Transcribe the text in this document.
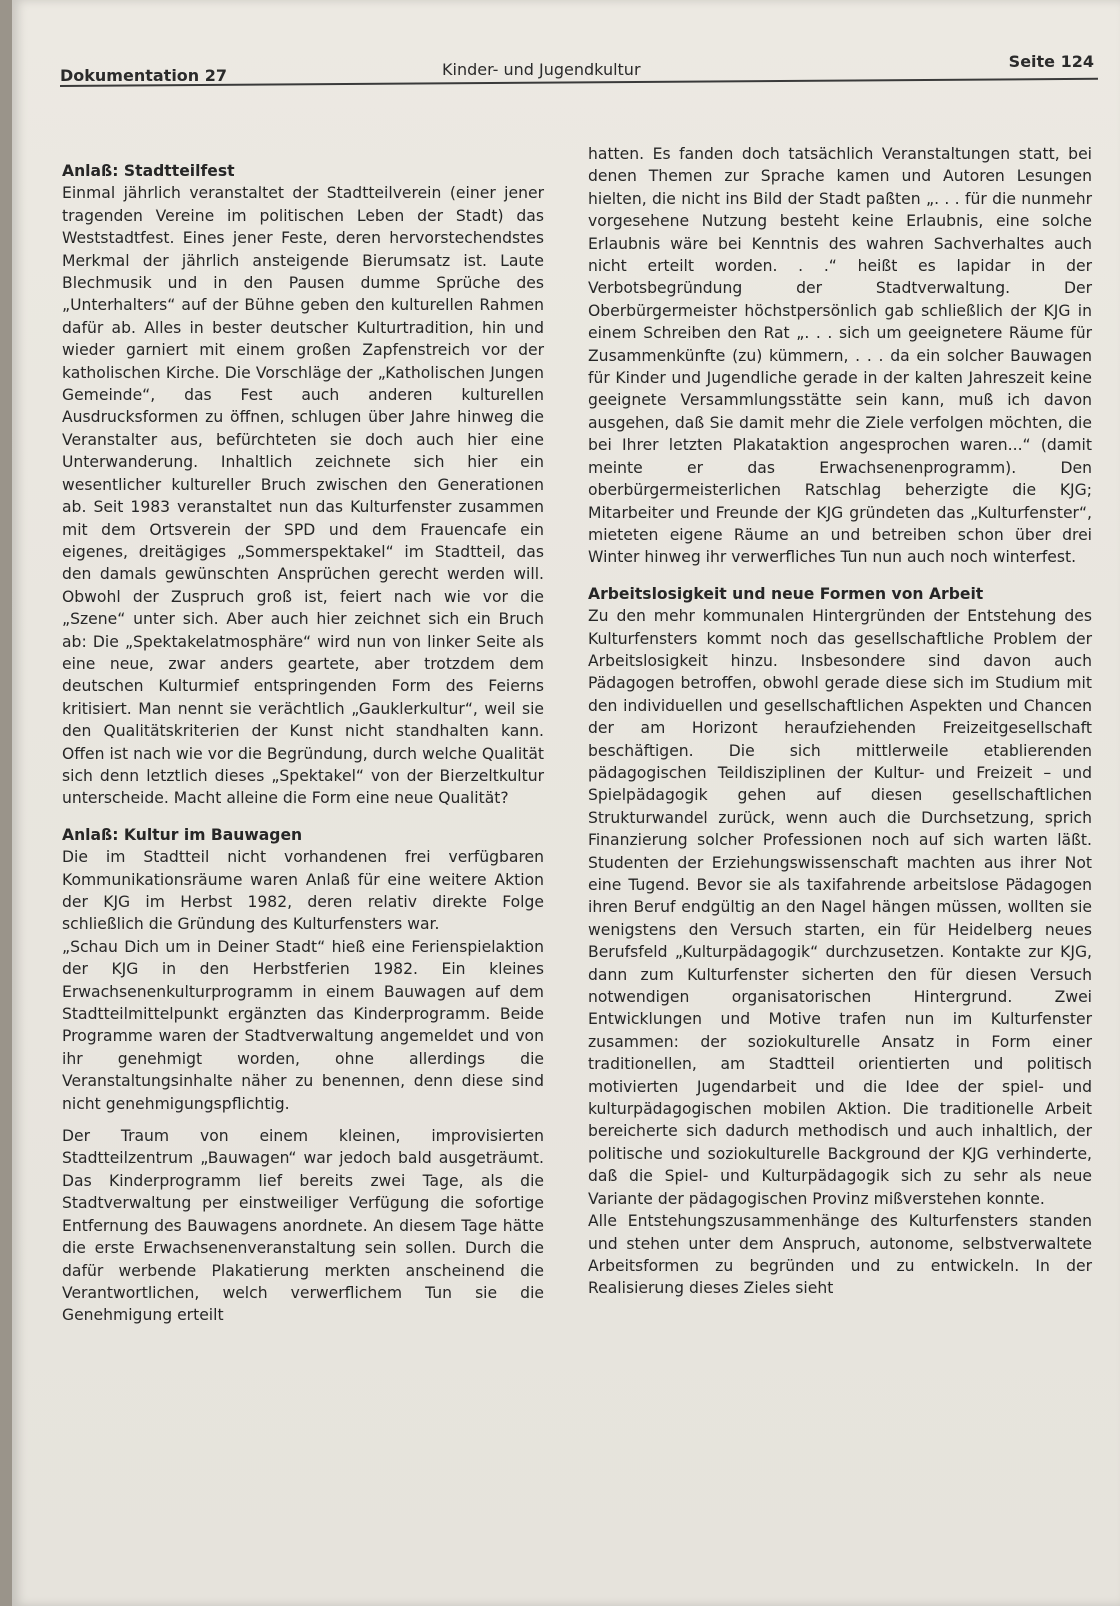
Dokumentation 27	Kinder- und Jugendkultur	Seite 124
Anlaß: Stadtteilfest

Einmal jährlich veranstaltet der Stadtteilverein (einer jener tragenden Vereine im politischen Leben der Stadt) das Weststadtfest. Eines jener Feste, deren hervorstechendstes Merkmal der jährlich ansteigende Bierumsatz ist. Laute Blechmusik und in den Pausen dumme Sprüche des „Unterhalters“ auf der Bühne geben den kulturellen Rahmen dafür ab. Alles in bester deutscher Kulturtradition, hin und wieder garniert mit einem großen Zapfenstreich vor der katholischen Kirche. Die Vorschläge der „Katholischen Jungen Gemeinde“, das Fest auch anderen kulturellen Ausdrucksformen zu öffnen, schlugen über Jahre hinweg die Veranstalter aus, befürchteten sie doch auch hier eine Unterwanderung. Inhaltlich zeichnete sich hier ein wesentlicher kultureller Bruch zwischen den Generationen ab. Seit 1983 veranstaltet nun das Kulturfenster zusammen mit dem Ortsverein der SPD und dem Frauencafe ein eigenes, dreitägiges „Sommerspektakel“ im Stadtteil, das den damals gewünschten Ansprüchen gerecht werden will. Obwohl der Zuspruch groß ist, feiert nach wie vor die „Szene“ unter sich. Aber auch hier zeichnet sich ein Bruch ab: Die „Spektakelatmosphäre“ wird nun von linker Seite als eine neue, zwar anders geartete, aber trotzdem dem deutschen Kulturmief entspringenden Form des Feierns kritisiert. Man nennt sie verächtlich „Gauklerkultur“, weil sie den Qualitätskriterien der Kunst nicht standhalten kann. Offen ist nach wie vor die Begründung, durch welche Qualität sich denn letztlich dieses „Spektakel“ von der Bierzeltkultur unterscheide. Macht alleine die Form eine neue Qualität?

Anlaß: Kultur im Bauwagen

Die im Stadtteil nicht vorhandenen frei verfügbaren Kommunikationsräume waren Anlaß für eine weitere Aktion der KJG im Herbst 1982, deren relativ direkte Folge schließlich die Gründung des Kulturfensters war.

„Schau Dich um in Deiner Stadt“ hieß eine Ferienspielaktion der KJG in den Herbstferien 1982. Ein kleines Erwachsenenkulturprogramm in einem Bauwagen auf dem Stadtteilmittelpunkt ergänzten das Kinderprogramm. Beide Programme waren der Stadtverwaltung angemeldet und von ihr genehmigt worden, ohne allerdings die Veranstaltungsinhalte näher zu benennen, denn diese sind nicht genehmigungspflichtig.

Der Traum von einem kleinen, improvisierten Stadtteilzentrum „Bauwagen“ war jedoch bald ausgeträumt. Das Kinderprogramm lief bereits zwei Tage, als die Stadtverwaltung per einstweiliger Verfügung die sofortige Entfernung des Bauwagens anordnete. An diesem Tage hätte die erste Erwachsenenveranstaltung sein sollen. Durch die dafür werbende Plakatierung merkten anscheinend die Verantwortlichen, welch verwerflichem Tun sie die Genehmigung erteilt

hatten. Es fanden doch tatsächlich Veranstaltungen statt, bei denen Themen zur Sprache kamen und Autoren Lesungen hielten, die nicht ins Bild der Stadt paßten „. . . für die nunmehr vorgesehene Nutzung besteht keine Erlaubnis, eine solche Erlaubnis wäre bei Kenntnis des wahren Sachverhaltes auch nicht erteilt worden. . .“ heißt es lapidar in der Verbotsbegründung der Stadtverwaltung. Der Oberbürgermeister höchstpersönlich gab schließlich der KJG in einem Schreiben den Rat „. . . sich um geeignetere Räume für Zusammenkünfte (zu) kümmern, . . . da ein solcher Bauwagen für Kinder und Jugendliche gerade in der kalten Jahreszeit keine geeignete Versammlungsstätte sein kann, muß ich davon ausgehen, daß Sie damit mehr die Ziele verfolgen möchten, die bei Ihrer letzten Plakataktion angesprochen waren...“ (damit meinte er das Erwachsenenprogramm). Den oberbürgermeisterlichen Ratschlag beherzigte die KJG; Mitarbeiter und Freunde der KJG gründeten das „Kulturfenster“, mieteten eigene Räume an und betreiben schon über drei Winter hinweg ihr verwerfliches Tun nun auch noch winterfest.

Arbeitslosigkeit und neue Formen von Arbeit

Zu den mehr kommunalen Hintergründen der Entstehung des Kulturfensters kommt noch das gesellschaftliche Problem der Arbeitslosigkeit hinzu. Insbesondere sind davon auch Pädagogen betroffen, obwohl gerade diese sich im Studium mit den individuellen und gesellschaftlichen Aspekten und Chancen der am Horizont heraufziehenden Freizeitgesellschaft beschäftigen. Die sich mittlerweile etablierenden pädagogischen Teildisziplinen der Kultur- und Freizeit – und Spielpädagogik gehen auf diesen gesellschaftlichen Strukturwandel zurück, wenn auch die Durchsetzung, sprich Finanzierung solcher Professionen noch auf sich warten läßt. Studenten der Erziehungswissenschaft machten aus ihrer Not eine Tugend. Bevor sie als taxifahrende arbeitslose Pädagogen ihren Beruf endgültig an den Nagel hängen müssen, wollten sie wenigstens den Versuch starten, ein für Heidelberg neues Berufsfeld „Kulturpädagogik“ durchzusetzen. Kontakte zur KJG, dann zum Kulturfenster sicherten den für diesen Versuch notwendigen organisatorischen Hintergrund. Zwei Entwicklungen und Motive trafen nun im Kulturfenster zusammen: der soziokulturelle Ansatz in Form einer traditionellen, am Stadtteil orientierten und politisch motivierten Jugendarbeit und die Idee der spiel- und kulturpädagogischen mobilen Aktion. Die traditionelle Arbeit bereicherte sich dadurch methodisch und auch inhaltlich, der politische und soziokulturelle Background der KJG verhinderte, daß die Spiel- und Kulturpädagogik sich zu sehr als neue Variante der pädagogischen Provinz mißverstehen konnte.

Alle Entstehungszusammenhänge des Kulturfensters standen und stehen unter dem Anspruch, autonome, selbstverwaltete Arbeitsformen zu begründen und zu entwickeln. In der Realisierung dieses Zieles sieht
